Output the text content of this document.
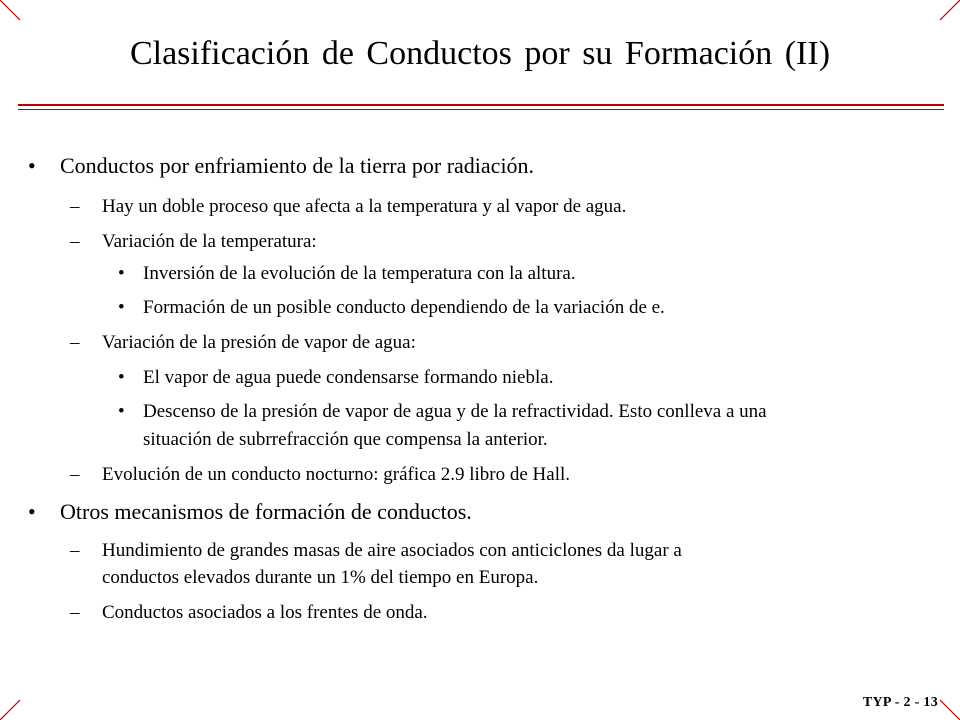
Clasificación de Conductos por su Formación (II)
• Conductos por enfriamiento de la tierra por radiación.
– Hay un doble proceso que afecta a la temperatura y al vapor de agua.
– Variación de la temperatura:
• Inversión de la evolución de la temperatura con la altura.
• Formación de un posible conducto dependiendo de la variación de e.
– Variación de la presión de vapor de agua:
• El vapor de agua puede condensarse formando niebla.
• Descenso de la presión de vapor de agua y de la refractividad. Esto conlleva a una
situación de subrrefracción que compensa la anterior.
– Evolución de un conducto nocturno: gráfica 2.9 libro de Hall.
• Otros mecanismos de formación de conductos.
– Hundimiento de grandes masas de aire asociados con anticiclones da lugar a
conductos elevados durante un 1% del tiempo en Europa.
– Conductos asociados a los frentes de onda.
TYP - 2 - 13
